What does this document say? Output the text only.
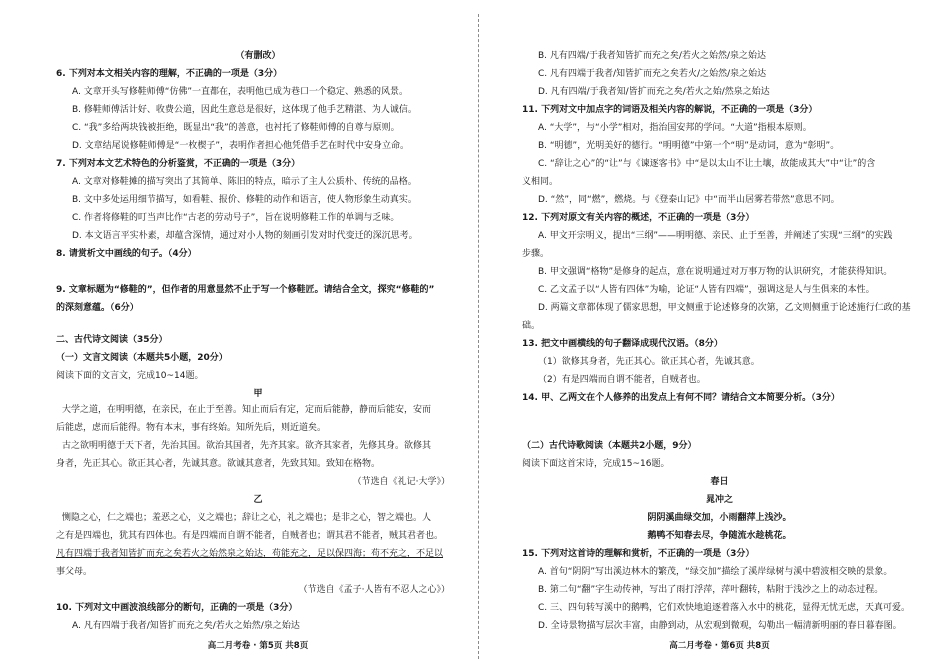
（有删改）
6. 下列对本文相关内容的理解，不正确的一项是（3分）
A. 文章开头写修鞋师傅“仿佛”一直都在，表明他已成为巷口一个稳定、熟悉的风景。
B. 修鞋师傅活计好、收费公道，因此生意总是很好，这体现了他手艺精湛、为人诚信。
C. “我”多给两块钱被拒绝，既显出“我”的善意，也衬托了修鞋师傅的自尊与原则。
D. 文章结尾说修鞋师傅是“一枚楔子”，表明作者担心他凭借手艺在时代中安身立命。
7. 下列对本文艺术特色的分析鉴赏，不正确的一项是（3分）
A. 文章对修鞋摊的描写突出了其简单、陈旧的特点，暗示了主人公质朴、传统的品格。
B. 文中多处运用细节描写，如看鞋、报价、修鞋的动作和语言，使人物形象生动真实。
C. 作者将修鞋的叮当声比作“古老的劳动号子”，旨在说明修鞋工作的单调与乏味。
D. 本文语言平实朴素，却蕴含深情，通过对小人物的刻画引发对时代变迁的深沉思考。
8. 请赏析文中画线的句子。（4分）
9. 文章标题为“修鞋的”，但作者的用意显然不止于写一个修鞋匠。请结合全文，探究“修鞋的”
的深刻意蕴。（6分）
二、古代诗文阅读（35分）
（一）文言文阅读（本题共5小题，20分）
阅读下面的文言文，完成10~14题。
甲
大学之道，在明明德，在亲民，在止于至善。知止而后有定，定而后能静，静而后能安，安而
后能虑，虑而后能得。物有本末，事有终始。知所先后，则近道矣。
古之欲明明德于天下者，先治其国。欲治其国者，先齐其家。欲齐其家者，先修其身。欲修其
身者，先正其心。欲正其心者，先诚其意。欲诚其意者，先致其知。致知在格物。
（节选自《礼记·大学》）
乙
恻隐之心，仁之端也；羞恶之心，义之端也；辞让之心，礼之端也；是非之心，智之端也。人
之有是四端也，犹其有四体也。有是四端而自谓不能者，自贼者也；谓其君不能者，贼其君者也。
凡有四端于我者知皆扩而充之矣若火之始然泉之始达，苟能充之，足以保四海；苟不充之，不足以
事父母。
（节选自《孟子·人皆有不忍人之心》）
10. 下列对文中画波浪线部分的断句，正确的一项是（3分）
A. 凡有四端于我者/知皆扩而充之矣/若火之始然/泉之始达
高二月考卷 · 第5页 共8页
B. 凡有四端/于我者知皆扩而充之矣/若火之始然/泉之始达
C. 凡有四端于我者/知皆扩而充之矣若火/之始然/泉之始达
D. 凡有四端/于我者知/皆扩而充之矣/若火之始/然泉之始达
11. 下列对文中加点字的词语及相关内容的解说，不正确的一项是（3分）
A. “大学”，与“小学”相对，指治国安邦的学问。“大道”指根本原则。
B. “明德”，光明美好的德行。“明明德”中第一个“明”是动词，意为“彰明”。
C. “辞让之心”的“让”与《谏逐客书》中“是以太山不让土壤，故能成其大”中“让”的含
义相同。
D. “然”，同“燃”，燃烧。与《登泰山记》中“而半山居雾若带然”意思不同。
12. 下列对原文有关内容的概述，不正确的一项是（3分）
A. 甲文开宗明义，提出“三纲”——明明德、亲民、止于至善，并阐述了实现“三纲”的实践
步骤。
B. 甲文强调“格物”是修身的起点，意在说明通过对万事万物的认识研究，才能获得知识。
C. 乙文孟子以“人皆有四体”为喻，论证“人皆有四端”，强调这是人与生俱来的本性。
D. 两篇文章都体现了儒家思想，甲文侧重于论述修身的次第，乙文则侧重于论述施行仁政的基
础。
13. 把文中画横线的句子翻译成现代汉语。（8分）
（1）欲修其身者，先正其心。欲正其心者，先诚其意。
（2）有是四端而自谓不能者，自贼者也。
14. 甲、乙两文在个人修养的出发点上有何不同？请结合文本简要分析。（3分）
（二）古代诗歌阅读（本题共2小题，9分）
阅读下面这首宋诗，完成15~16题。
春日
晁冲之
阴阴溪曲绿交加，小雨翻萍上浅沙。
鹅鸭不知春去尽，争随流水趁桃花。
15. 下列对这首诗的理解和赏析，不正确的一项是（3分）
A. 首句“阴阴”写出溪边林木的繁茂，“绿交加”描绘了溪岸绿树与溪中碧波相交映的景象。
B. 第二句“翻”字生动传神，写出了雨打浮萍，萍叶翻转，粘附于浅沙之上的动态过程。
C. 三、四句转写溪中的鹅鸭，它们欢快地追逐着落入水中的桃花，显得无忧无虑，天真可爱。
D. 全诗景物描写层次丰富，由静到动，从宏观到微观，勾勒出一幅清新明丽的春日暮春图。
高二月考卷 · 第6页 共8页
